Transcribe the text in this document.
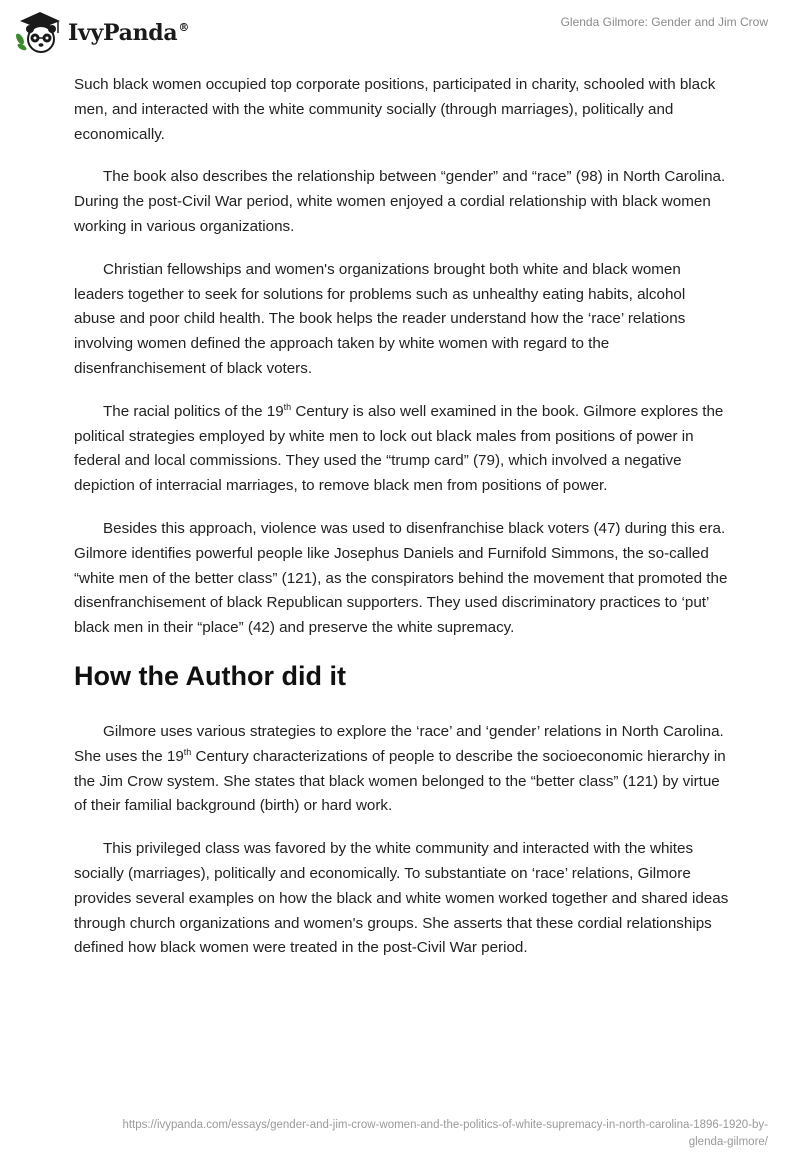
IvyPanda®	Glenda Gilmore: Gender and Jim Crow

Such black women occupied top corporate positions, participated in charity, schooled with black men, and interacted with the white community socially (through marriages), politically and economically.

The book also describes the relationship between “gender” and “race” (98) in North Carolina. During the post-Civil War period, white women enjoyed a cordial relationship with black women working in various organizations.

Christian fellowships and women's organizations brought both white and black women leaders together to seek for solutions for problems such as unhealthy eating habits, alcohol abuse and poor child health. The book helps the reader understand how the ‘race’ relations involving women defined the approach taken by white women with regard to the disenfranchisement of black voters.

The racial politics of the 19th Century is also well examined in the book. Gilmore explores the political strategies employed by white men to lock out black males from positions of power in federal and local commissions. They used the “trump card” (79), which involved a negative depiction of interracial marriages, to remove black men from positions of power.

Besides this approach, violence was used to disenfranchise black voters (47) during this era. Gilmore identifies powerful people like Josephus Daniels and Furnifold Simmons, the so-called “white men of the better class” (121), as the conspirators behind the movement that promoted the disenfranchisement of black Republican supporters. They used discriminatory practices to ‘put’ black men in their “place” (42) and preserve the white supremacy.

How the Author did it

Gilmore uses various strategies to explore the ‘race’ and ‘gender’ relations in North Carolina. She uses the 19th Century characterizations of people to describe the socioeconomic hierarchy in the Jim Crow system. She states that black women belonged to the “better class” (121) by virtue of their familial background (birth) or hard work.

This privileged class was favored by the white community and interacted with the whites socially (marriages), politically and economically. To substantiate on ‘race’ relations, Gilmore provides several examples on how the black and white women worked together and shared ideas through church organizations and women's groups. She asserts that these cordial relationships defined how black women were treated in the post-Civil War period.

https://ivypanda.com/essays/gender-and-jim-crow-women-and-the-politics-of-white-supremacy-in-north-carolina-1896-1920-by-
glenda-gilmore/
